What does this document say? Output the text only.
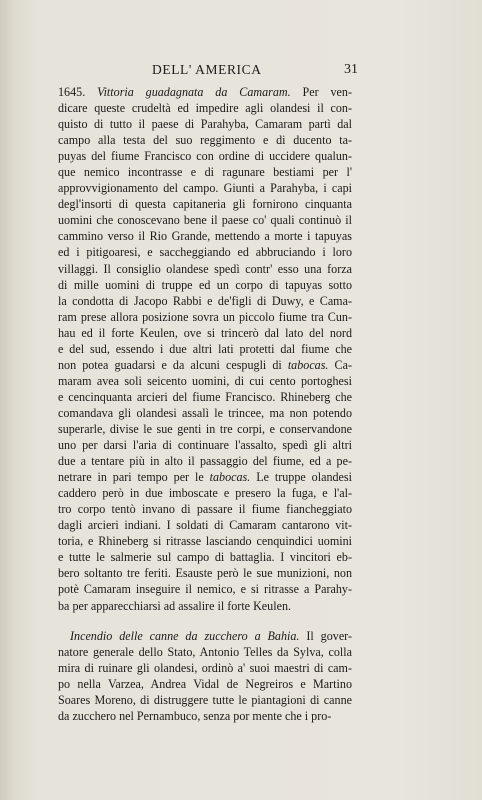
DELL' AMERICA	31
1645. Vittoria guadagnata da Camaram. Per ven-
dicare queste crudeltà ed impedire agli olandesi il con-
quisto di tutto il paese di Parahyba, Camaram partì dal
campo alla testa del suo reggimento e di ducento ta-
puyas del fiume Francisco con ordine di uccidere qualun-
que nemico incontrasse e di ragunare bestiami per l'
approvvigionamento del campo. Giunti a Parahyba, i capi
degl'insorti di questa capitaneria gli fornirono cinquanta
uomini che conoscevano bene il paese co' quali continuò il
cammino verso il Rio Grande, mettendo a morte i tapuyas
ed i pitigoaresi, e saccheggiando ed abbruciando i loro
villaggi. Il consiglio olandese spedì contr' esso una forza
di mille uomini di truppe ed un corpo di tapuyas sotto
la condotta di Jacopo Rabbi e de'figli di Duwy, e Cama-
ram prese allora posizione sovra un piccolo fiume tra Cun-
hau ed il forte Keulen, ove si trincerò dal lato del nord
e del sud, essendo i due altri lati protetti dal fiume che
non potea guadarsi e da alcuni cespugli di tabocas. Ca-
maram avea soli seicento uomini, di cui cento portoghesi
e cencinquanta arcieri del fiume Francisco. Rhineberg che
comandava gli olandesi assalì le trincee, ma non potendo
superarle, divise le sue genti in tre corpi, e conservandone
uno per darsi l'aria di continuare l'assalto, spedì gli altri
due a tentare più in alto il passaggio del fiume, ed a pe-
netrare in pari tempo per le tabocas. Le truppe olandesi
caddero però in due imboscate e presero la fuga, e l'al-
tro corpo tentò invano di passare il fiume fiancheggiato
dagli arcieri indiani. I soldati di Camaram cantarono vit-
toria, e Rhineberg si ritrasse lasciando cenquindici uomini
e tutte le salmerie sul campo di battaglia. I vincitori eb-
bero soltanto tre feriti. Esauste però le sue munizioni, non
potè Camaram inseguire il nemico, e si ritrasse a Parahy-
ba per apparecchiarsi ad assalire il forte Keulen.
Incendio delle canne da zucchero a Bahia. Il gover-
natore generale dello Stato, Antonio Telles da Sylva, colla
mira di ruinare gli olandesi, ordinò a' suoi maestri di cam-
po nella Varzea, Andrea Vidal de Negreiros e Martino
Soares Moreno, di distruggere tutte le piantagioni di canne
da zucchero nel Pernambuco, senza por mente che i pro-
